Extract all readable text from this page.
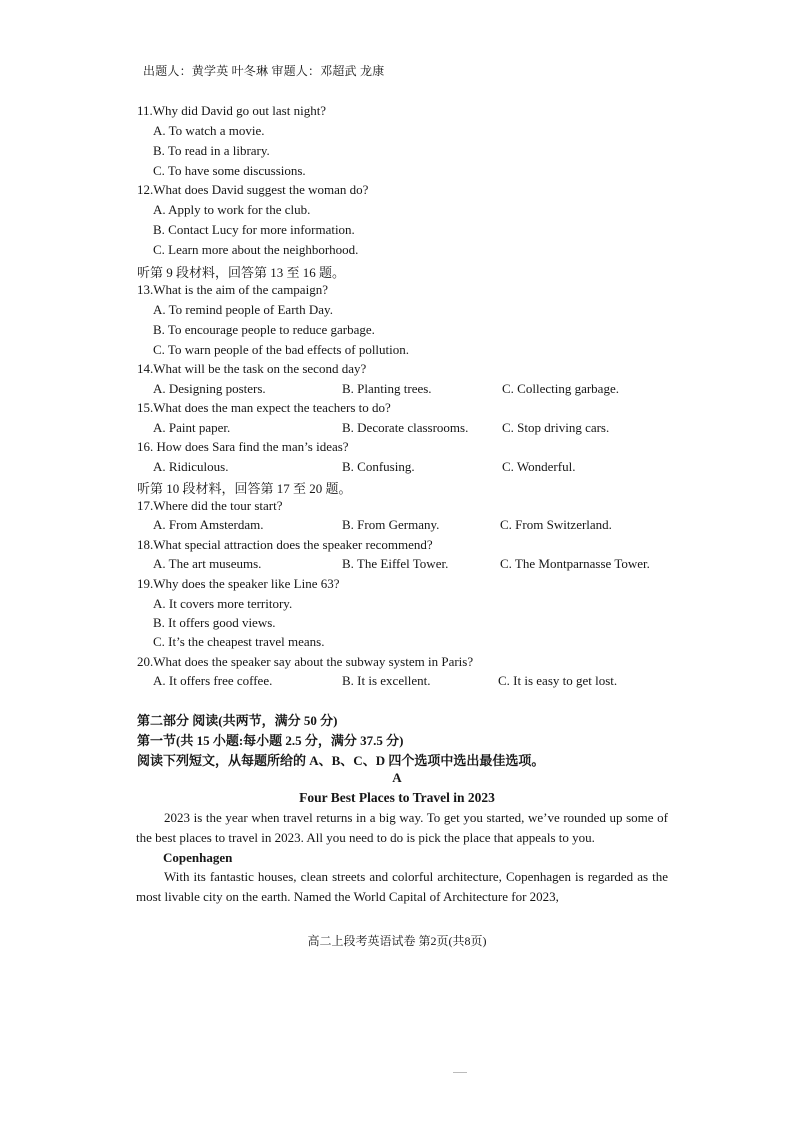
出题人：黄学英 叶冬琳 审题人：邓超武 龙康
11.Why did David go out last night?
A. To watch a movie.
B. To read in a library.
C. To have some discussions.
12.What does David suggest the woman do?
A. Apply to work for the club.
B. Contact Lucy for more information.
C. Learn more about the neighborhood.
听第 9 段材料，回答第 13 至 16 题。
13.What is the aim of the campaign?
A. To remind people of Earth Day.
B. To encourage people to reduce garbage.
C. To warn people of the bad effects of pollution.
14.What will be the task on the second day?
A. Designing posters.	B. Planting trees.	C. Collecting garbage.
15.What does the man expect the teachers to do?
A. Paint paper.	B. Decorate classrooms.	C. Stop driving cars.
16. How does Sara find the man’s ideas?
A. Ridiculous.	B. Confusing.	C. Wonderful.
听第 10 段材料，回答第 17 至 20 题。
17.Where did the tour start?
A. From Amsterdam.	B. From Germany.	C. From Switzerland.
18.What special attraction does the speaker recommend?
A. The art museums.	B. The Eiffel Tower.	C. The Montparnasse Tower.
19.Why does the speaker like Line 63?
A. It covers more territory.
B. It offers good views.
C. It’s the cheapest travel means.
20.What does the speaker say about the subway system in Paris?
A. It offers free coffee.	B. It is excellent.	C. It is easy to get lost.
第二部分 阅读(共两节，满分 50 分)
第一节(共 15 小题:每小题 2.5 分，满分 37.5 分)
阅读下列短文，从每题所给的 A、B、C、D 四个选项中选出最佳选项。
A
Four Best Places to Travel in 2023
2023 is the year when travel returns in a big way. To get you started, we’ve rounded up some of the best places to travel in 2023. All you need to do is pick the place that appeals to you.
Copenhagen
With its fantastic houses, clean streets and colorful architecture, Copenhagen is regarded as the most livable city on the earth. Named the World Capital of Architecture for 2023,
高二上段考英语试卷 第2页(共8页)
